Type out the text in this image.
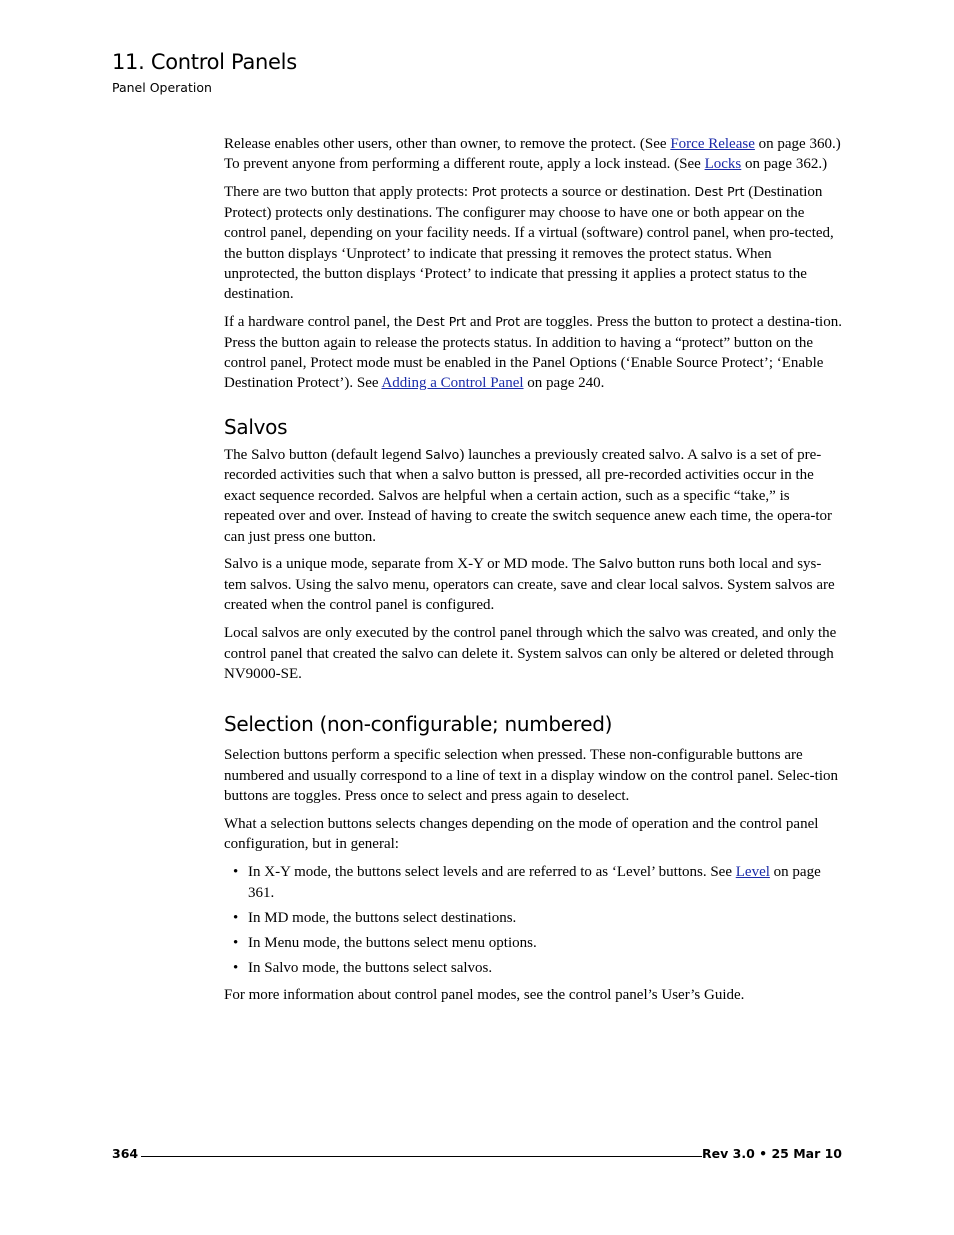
11. Control Panels
Panel Operation

Release enables other users, other than owner, to remove the protect. (See Force Release on page 360.) To prevent anyone from performing a different route, apply a lock instead. (See Locks on page 362.)

There are two button that apply protects: Prot protects a source or destination. Dest Prt (Destination Protect) protects only destinations. The configurer may choose to have one or both appear on the control panel, depending on your facility needs. If a virtual (software) control panel, when pro-tected, the button displays ‘Unprotect’ to indicate that pressing it removes the protect status. When unprotected, the button displays ‘Protect’ to indicate that pressing it applies a protect status to the destination.

If a hardware control panel, the Dest Prt and Prot are toggles. Press the button to protect a destina-tion. Press the button again to release the protects status. In addition to having a “protect” button on the control panel, Protect mode must be enabled in the Panel Options (‘Enable Source Protect’; ‘Enable Destination Protect’). See Adding a Control Panel on page 240.

Salvos

The Salvo button (default legend Salvo) launches a previously created salvo. A salvo is a set of pre-recorded activities such that when a salvo button is pressed, all pre-recorded activities occur in the exact sequence recorded. Salvos are helpful when a certain action, such as a specific “take,” is repeated over and over. Instead of having to create the switch sequence anew each time, the opera-tor can just press one button.

Salvo is a unique mode, separate from X-Y or MD mode. The Salvo button runs both local and sys-tem salvos. Using the salvo menu, operators can create, save and clear local salvos. System salvos are created when the control panel is configured.

Local salvos are only executed by the control panel through which the salvo was created, and only the control panel that created the salvo can delete it. System salvos can only be altered or deleted through NV9000-SE.

Selection (non-configurable; numbered)

Selection buttons perform a specific selection when pressed. These non-configurable buttons are numbered and usually correspond to a line of text in a display window on the control panel. Selec-tion buttons are toggles. Press once to select and press again to deselect.

What a selection buttons selects changes depending on the mode of operation and the control panel configuration, but in general:

• In X-Y mode, the buttons select levels and are referred to as ‘Level’ buttons. See Level on page 361.
• In MD mode, the buttons select destinations.
• In Menu mode, the buttons select menu options.
• In Salvo mode, the buttons select salvos.

For more information about control panel modes, see the control panel’s User’s Guide.

364	Rev 3.0 • 25 Mar 10
